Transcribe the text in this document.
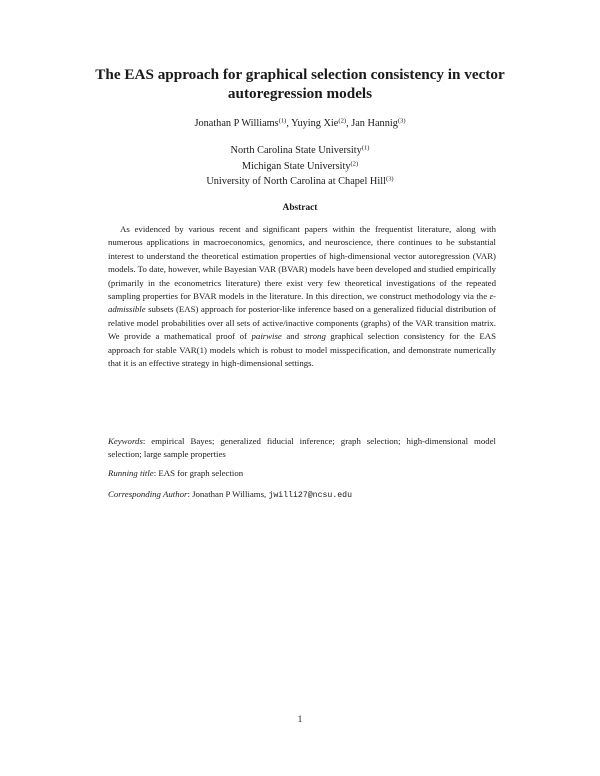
The EAS approach for graphical selection consistency in vector
autoregression models
Jonathan P Williams$^{(1)}$, Yuying Xie$^{(2)}$, Jan Hannig$^{(3)}$
North Carolina State University$^{(1)}$
Michigan State University$^{(2)}$
University of North Carolina at Chapel Hill$^{(3)}$
Abstract
As evidenced by various recent and significant papers within the frequentist literature, along with numerous applications in macroeconomics, genomics, and neuroscience, there continues to be substantial interest to understand the theoretical estimation properties of high-dimensional vector autoregression (VAR) models. To date, however, while Bayesian VAR (BVAR) models have been developed and studied empirically (primarily in the econometrics literature) there exist very few theoretical investigations of the repeated sampling properties for BVAR models in the literature. In this direction, we construct methodology via the ε-admissible subsets (EAS) approach for posterior-like inference based on a generalized fiducial distribution of relative model probabilities over all sets of active/inactive components (graphs) of the VAR transition matrix. We provide a mathematical proof of pairwise and strong graphical selection consistency for the EAS approach for stable VAR(1) models which is robust to model misspecification, and demonstrate numerically that it is an effective strategy in high-dimensional settings.
Keywords: empirical Bayes; generalized fiducial inference; graph selection; high-dimensional model selection; large sample properties
Running title: EAS for graph selection
Corresponding Author: Jonathan P Williams, jwilli27@ncsu.edu
1
